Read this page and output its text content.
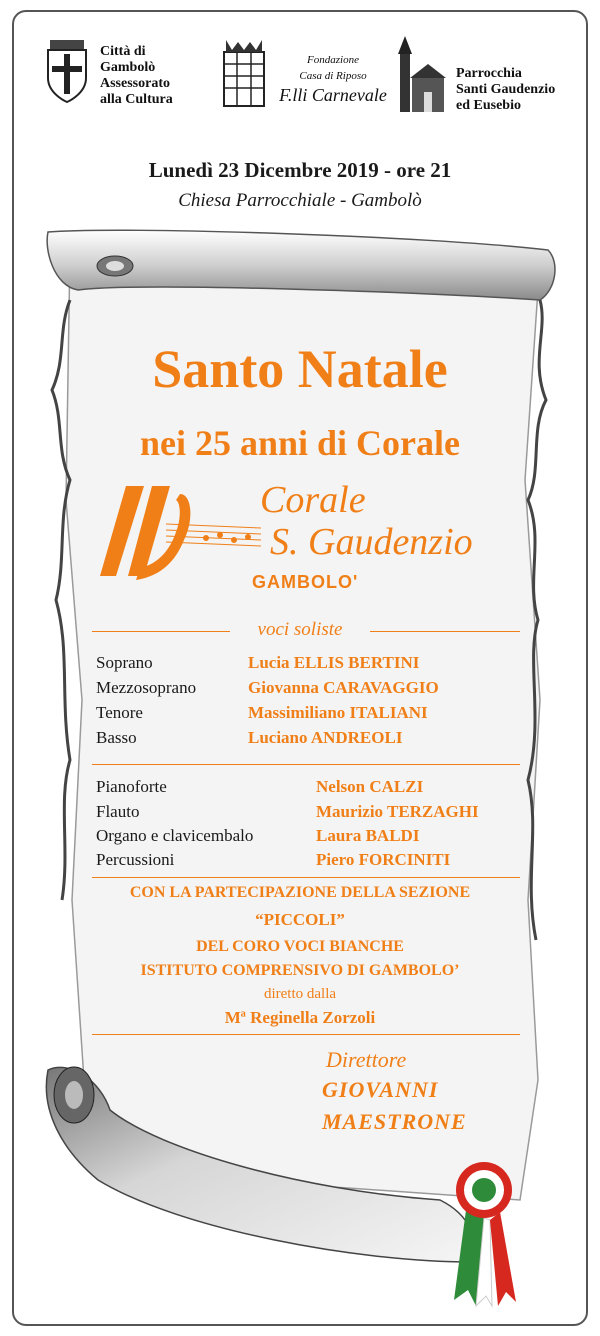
Città di
Gambolò
Assessorato
alla Cultura
Fondazione
Casa di Riposo
F.lli Carnevale
Parrocchia
Santi Gaudenzio
ed Eusebio
Lunedì 23 Dicembre 2019 - ore 21
Chiesa Parrocchiale - Gambolò
Santo Natale
nei 25 anni di Corale
Corale
S. Gaudenzio
GAMBOLO'
voci soliste
Soprano	Lucia ELLIS BERTINI
Mezzosoprano	Giovanna CARAVAGGIO
Tenore	Massimiliano ITALIANI
Basso	Luciano ANDREOLI
Pianoforte	Nelson CALZI
Flauto	Maurizio TERZAGHI
Organo e clavicembalo	Laura BALDI
Percussioni	Piero FORCINITI
CON LA PARTECIPAZIONE DELLA SEZIONE
“PICCOLI”
DEL CORO VOCI BIANCHE
ISTITUTO COMPRENSIVO DI GAMBOLO’
diretto dalla
Mª Reginella Zorzoli
Direttore
GIOVANNI
MAESTRONE
